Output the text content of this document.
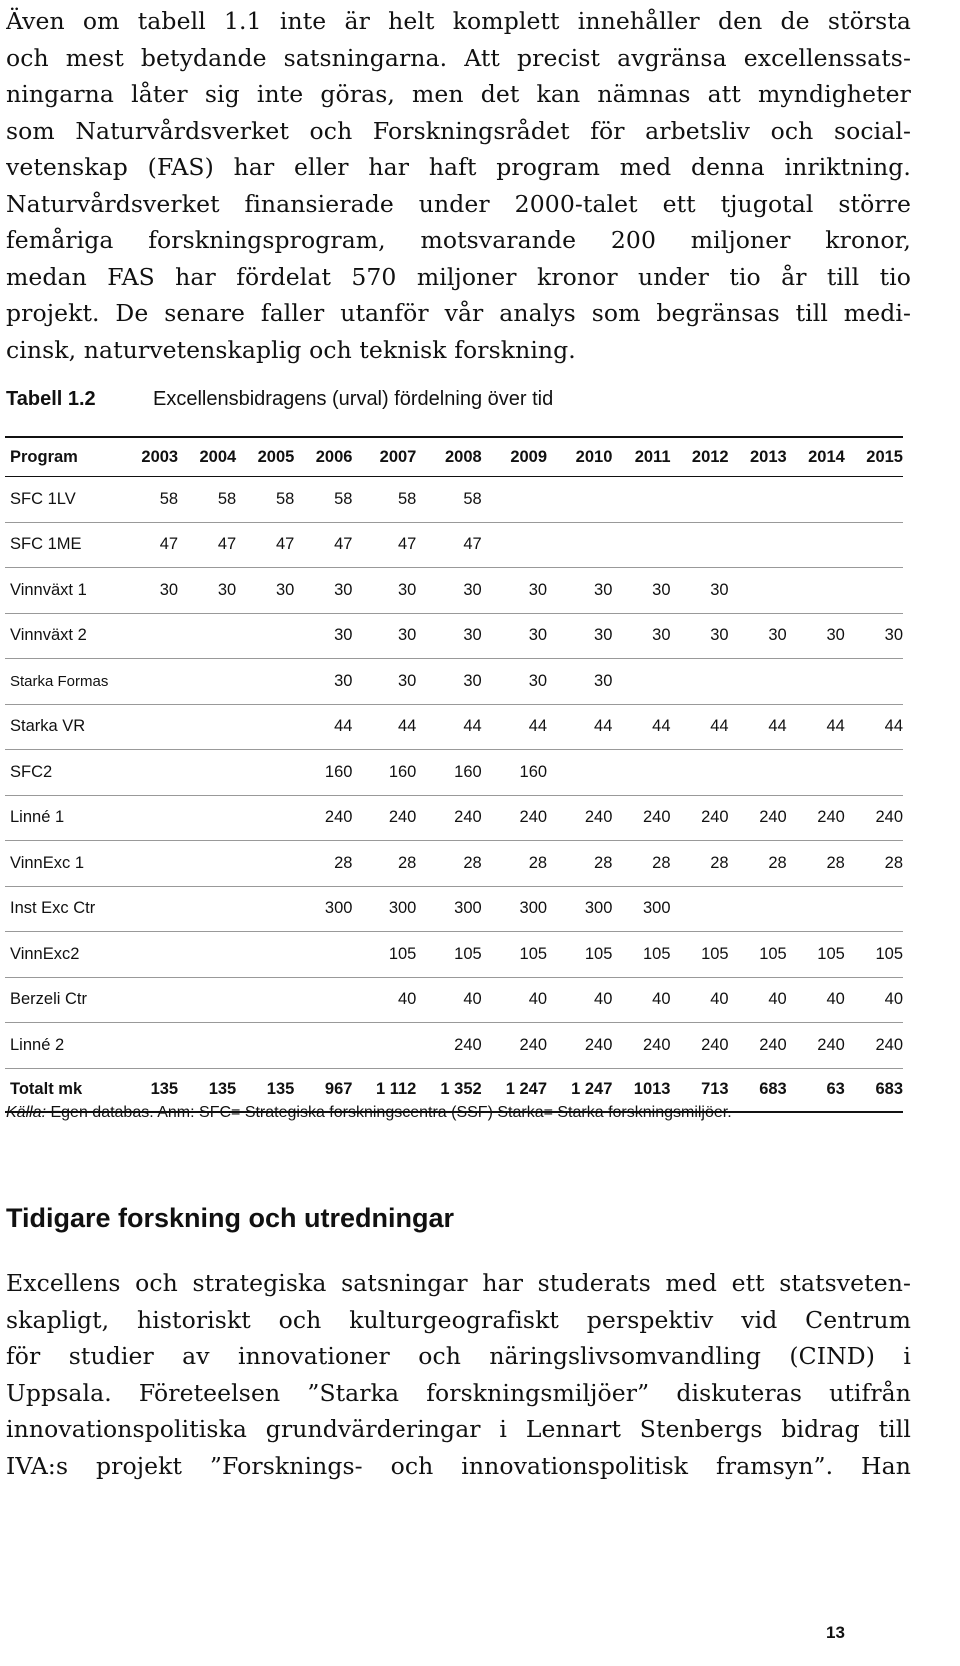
Även om tabell 1.1 inte är helt komplett innehåller den de största
och mest betydande satsningarna. Att precist avgränsa excellenssats-
ningarna låter sig inte göras, men det kan nämnas att myndigheter
som Naturvårdsverket och Forskningsrådet för arbetsliv och social-
vetenskap (FAS) har eller har haft program med denna inriktning.
Naturvårdsverket finansierade under 2000-talet ett tjugotal större
femåriga forskningsprogram, motsvarande 200 miljoner kronor,
medan FAS har fördelat 570 miljoner kronor under tio år till tio
projekt. De senare faller utanför vår analys som begränsas till medi-
cinsk, naturvetenskaplig och teknisk forskning.
Tabell 1.2	Excellensbidragens (urval) fördelning över tid
Program	2003	2004	2005	2006	2007	2008	2009	2010	2011	2012	2013	2014	2015
SFC 1LV	58	58	58	58	58	58							
SFC 1ME	47	47	47	47	47	47							
Vinnväxt 1	30	30	30	30	30	30	30	30	30	30			
Vinnväxt 2				30	30	30	30	30	30	30	30	30	30
Starka Formas				30	30	30	30	30					
Starka VR				44	44	44	44	44	44	44	44	44	44
SFC2				160	160	160	160						
Linné 1				240	240	240	240	240	240	240	240	240	240
VinnExc 1				28	28	28	28	28	28	28	28	28	28
Inst Exc Ctr				300	300	300	300	300	300				
VinnExc2					105	105	105	105	105	105	105	105	105
Berzeli Ctr					40	40	40	40	40	40	40	40	40
Linné 2						240	240	240	240	240	240	240	240
Totalt mk	135	135	135	967	1 112	1 352	1 247	1 247	1013	713	683	63	683
Källa: Egen databas. Anm: SFC= Strategiska forskningscentra (SSF) Starka= Starka forskningsmiljöer.
Tidigare forskning och utredningar
Excellens och strategiska satsningar har studerats med ett statsveten-
skapligt, historiskt och kulturgeografiskt perspektiv vid Centrum
för studier av innovationer och näringslivsomvandling (CIND) i
Uppsala. Företeelsen ”Starka forskningsmiljöer” diskuteras utifrån
innovationspolitiska grundvärderingar i Lennart Stenbergs bidrag till
IVA:s projekt ”Forsknings- och innovationspolitisk framsyn”. Han
13
